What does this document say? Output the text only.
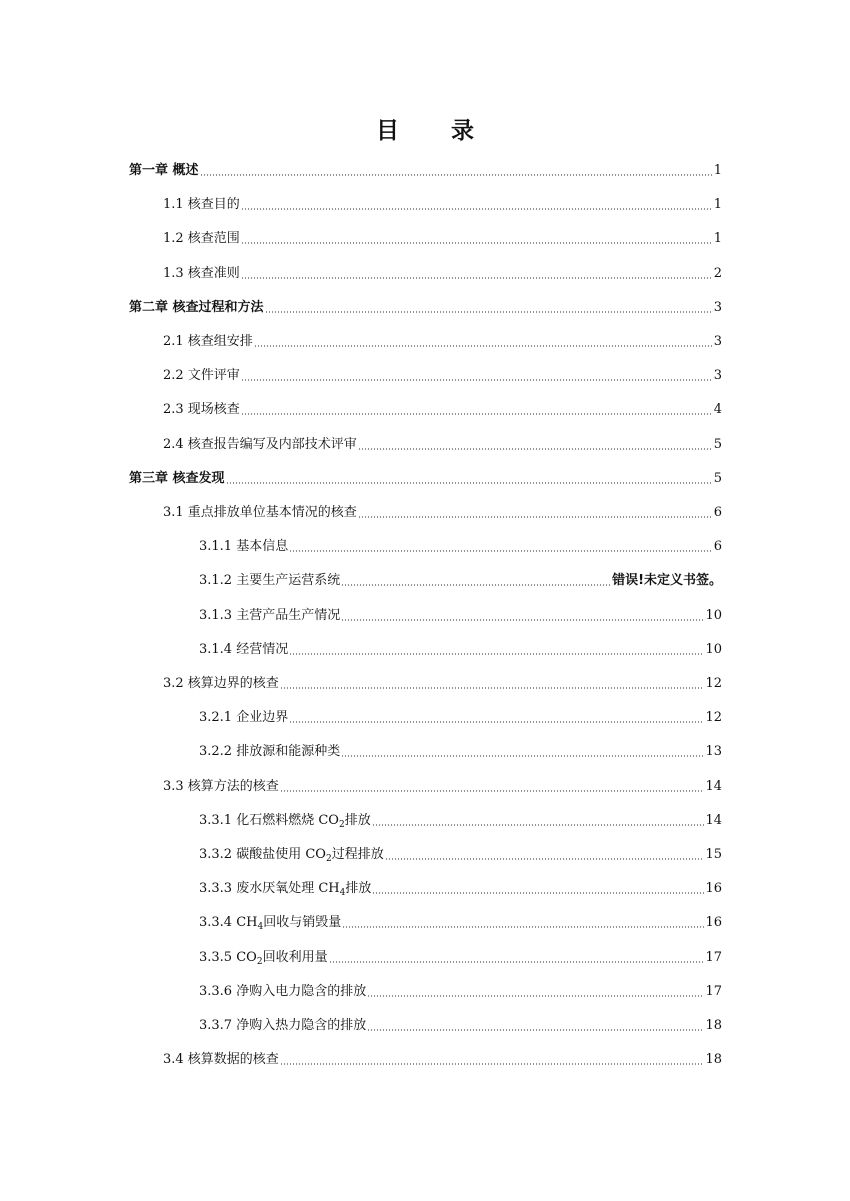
目 录
第一章 概述	1
1.1 核查目的	1
1.2 核查范围	1
1.3 核查准则	2
第二章 核查过程和方法	3
2.1 核查组安排	3
2.2 文件评审	3
2.3 现场核查	4
2.4 核查报告编写及内部技术评审	5
第三章 核查发现	5
3.1 重点排放单位基本情况的核查	6
3.1.1 基本信息	6
3.1.2 主要生产运营系统	错误!未定义书签。
3.1.3 主营产品生产情况	10
3.1.4 经营情况	10
3.2 核算边界的核查	12
3.2.1 企业边界	12
3.2.2 排放源和能源种类	13
3.3 核算方法的核查	14
3.3.1 化石燃料燃烧 $CO_2$排放	14
3.3.2 碳酸盐使用 $CO_2$过程排放	15
3.3.3 废水厌氧处理 $CH_4$排放	16
3.3.4 $CH_4$回收与销毁量	16
3.3.5 $CO_2$回收利用量	17
3.3.6 净购入电力隐含的排放	17
3.3.7 净购入热力隐含的排放	18
3.4 核算数据的核查	18
